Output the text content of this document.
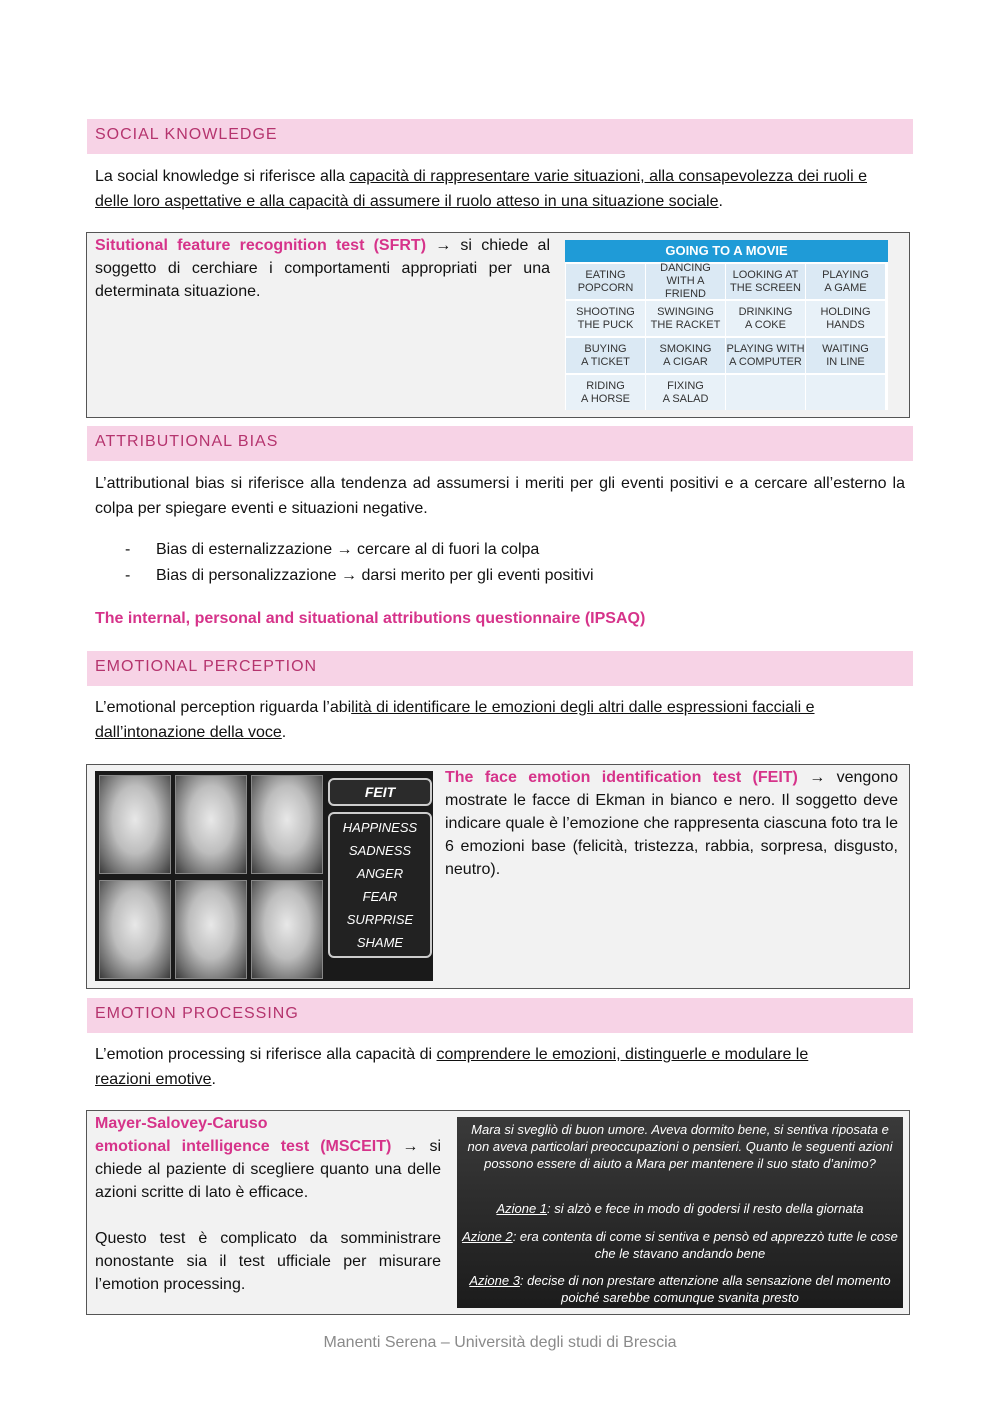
SOCIAL KNOWLEDGE
La social knowledge si riferisce alla capacità di rappresentare varie situazioni, alla consapevolezza dei ruoli e
delle loro aspettative e alla capacità di assumere il ruolo atteso in una situazione sociale.
Situtional feature recognition test (SFRT) → si chiede al soggetto di cerchiare i comportamenti appropriati per una determinata situazione.
GOING TO A MOVIE
EATING
POPCORN
DANCING
WITH A FRIEND
LOOKING AT
THE SCREEN
PLAYING
A GAME
SHOOTING
THE PUCK
SWINGING
THE RACKET
DRINKING
A COKE
HOLDING
HANDS
BUYING
A TICKET
SMOKING
A CIGAR
PLAYING WITH
A COMPUTER
WAITING
IN LINE
RIDING
A HORSE
FIXING
A SALAD
ATTRIBUTIONAL BIAS
L’attributional bias si riferisce alla tendenza ad assumersi i meriti per gli eventi positivi e a cercare all’esterno la colpa per spiegare eventi e situazioni negative.
- Bias di esternalizzazione → cercare al di fuori la colpa
- Bias di personalizzazione → darsi merito per gli eventi positivi
The internal, personal and situational attributions questionnaire (IPSAQ)
EMOTIONAL PERCEPTION
L’emotional perception riguarda l’abilità di identificare le emozioni degli altri dalle espressioni facciali e
dall’intonazione della voce.
FEIT
HAPPINESS
SADNESS
ANGER
FEAR
SURPRISE
SHAME
The face emotion identification test (FEIT) → vengono mostrate le facce di Ekman in bianco e nero. Il soggetto deve indicare quale è l’emozione che rappresenta ciascuna foto tra le 6 emozioni base (felicità, tristezza, rabbia, sorpresa, disgusto, neutro).
EMOTION PROCESSING
L’emotion processing si riferisce alla capacità di comprendere le emozioni, distinguerle e modulare le
reazioni emotive.
Mayer-Salovey-Caruso
emotional intelligence test (MSCEIT) → si chiede al paziente di scegliere quanto una delle azioni scritte di lato è efficace.
Questo test è complicato da somministrare nonostante sia il test ufficiale per misurare l’emotion processing.

Mara si svegliò di buon umore. Aveva dormito bene, si sentiva riposata e non aveva particolari preoccupazioni o pensieri. Quanto le seguenti azioni possono essere di aiuto a Mara per mantenere il suo stato d’animo?

Azione 1: si alzò e fece in modo di godersi il resto della giornata

Azione 2: era contenta di come si sentiva e pensò ed apprezzò tutte le cose che le stavano andando bene

Azione 3: decise di non prestare attenzione alla sensazione del momento poiché sarebbe comunque svanita presto

Manenti Serena – Università degli studi di Brescia
